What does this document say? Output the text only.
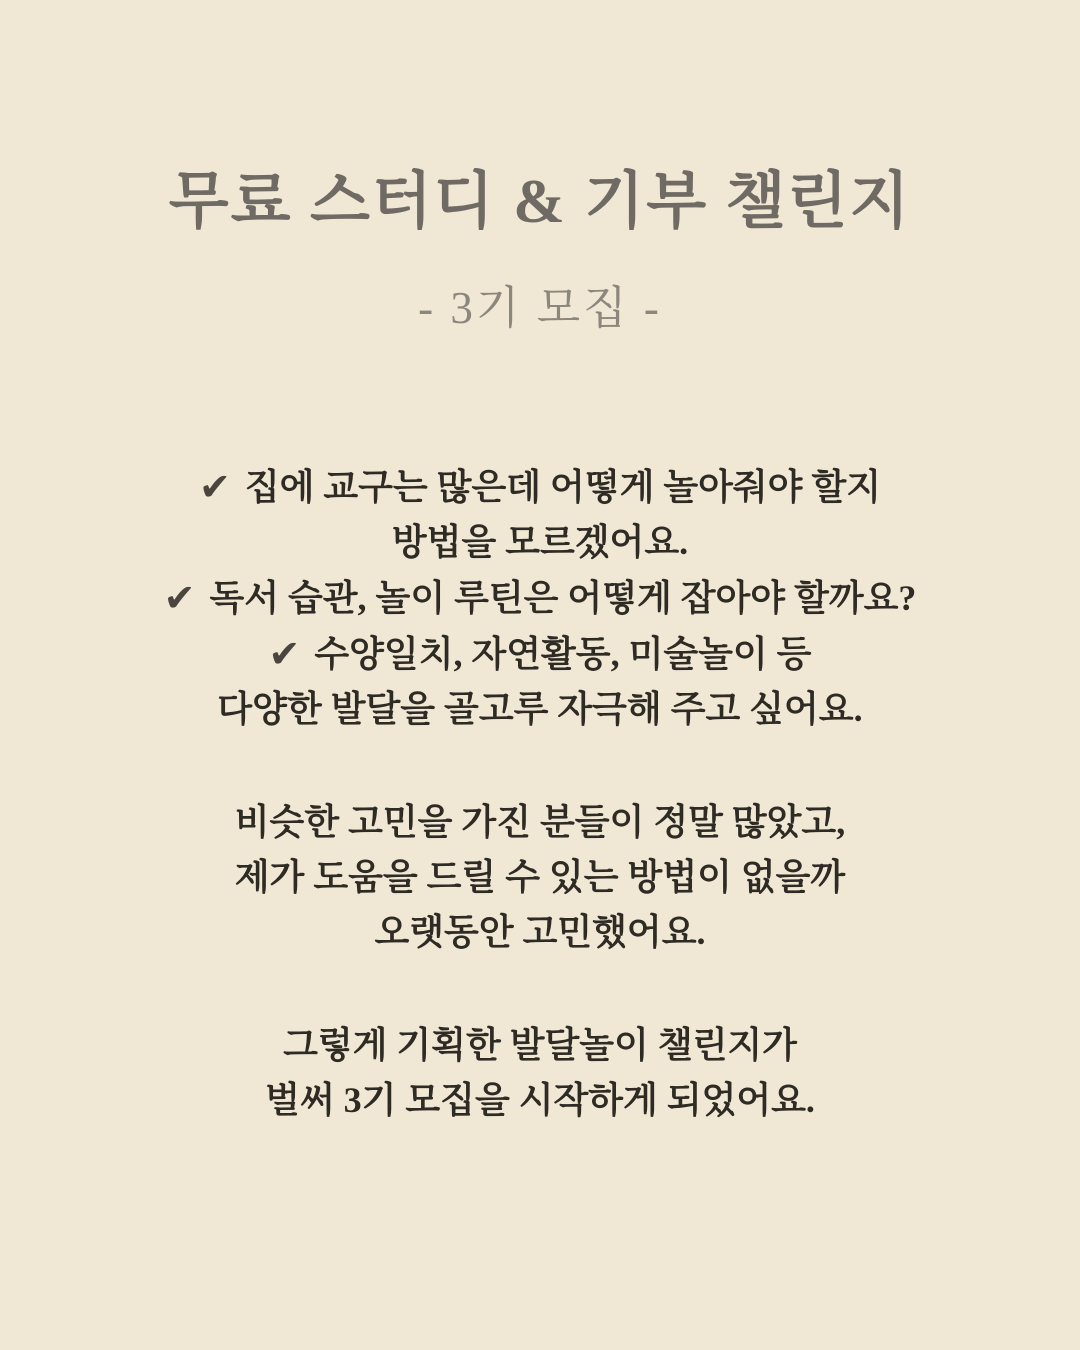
무료 스터디 & 기부 챌린지
- 3기 모집 -
✔ 집에 교구는 많은데 어떻게 놀아줘야 할지
방법을 모르겠어요.
✔ 독서 습관, 놀이 루틴은 어떻게 잡아야 할까요?
✔ 수양일치, 자연활동, 미술놀이 등
다양한 발달을 골고루 자극해 주고 싶어요.
비슷한 고민을 가진 분들이 정말 많았고,
제가 도움을 드릴 수 있는 방법이 없을까
오랫동안 고민했어요.
그렇게 기획한 발달놀이 챌린지가
벌써 3기 모집을 시작하게 되었어요.
